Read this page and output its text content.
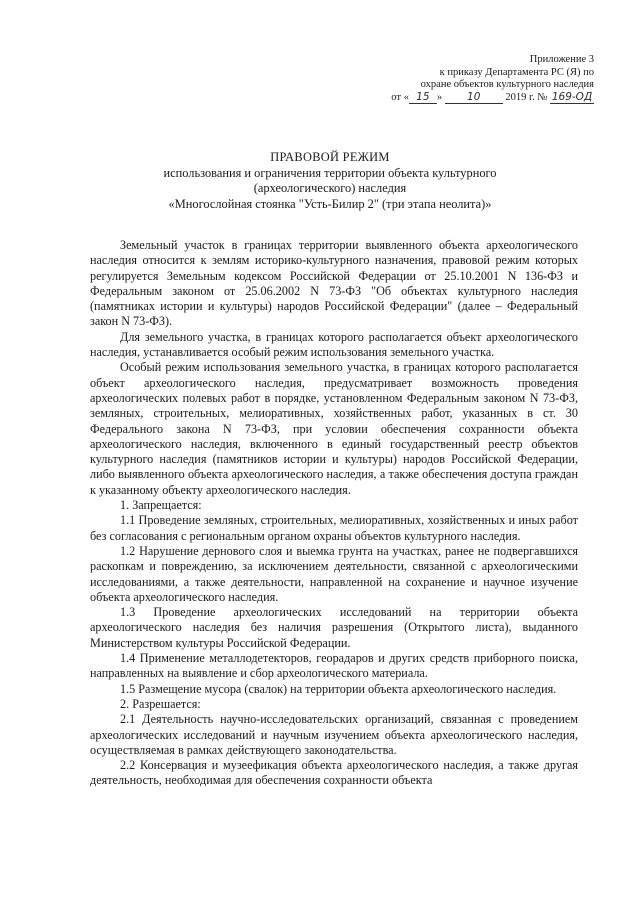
Приложение 3
к приказу Департамента РС (Я) по
охране объектов культурного наследия
от « 15 » 10 2019 г. № 169-ОД
ПРАВОВОЙ РЕЖИМ
использования и ограничения территории объекта культурного
(археологического) наследия
«Многослойная стоянка "Усть-Билир 2" (три этапа неолита)»

Земельный участок в границах территории выявленного объекта археологического наследия относится к землям историко-культурного назначения, правовой режим которых регулируется Земельным кодексом Российской Федерации от 25.10.2001 N 136-ФЗ и Федеральным законом от 25.06.2002 N 73-ФЗ "Об объектах культурного наследия (памятниках истории и культуры) народов Российской Федерации" (далее – Федеральный закон N 73-ФЗ).

Для земельного участка, в границах которого располагается объект археологического наследия, устанавливается особый режим использования земельного участка.

Особый режим использования земельного участка, в границах которого располагается объект археологического наследия, предусматривает возможность проведения археологических полевых работ в порядке, установленном Федеральным законом N 73-ФЗ, земляных, строительных, мелиоративных, хозяйственных работ, указанных в ст. 30 Федерального закона N 73-ФЗ, при условии обеспечения сохранности объекта археологического наследия, включенного в единый государственный реестр объектов культурного наследия (памятников истории и культуры) народов Российской Федерации, либо выявленного объекта археологического наследия, а также обеспечения доступа граждан к указанному объекту археологического наследия.

1. Запрещается:

1.1 Проведение земляных, строительных, мелиоративных, хозяйственных и иных работ без согласования с региональным органом охраны объектов культурного наследия.

1.2 Нарушение дернового слоя и выемка грунта на участках, ранее не подвергавшихся раскопкам и повреждению, за исключением деятельности, связанной с археологическими исследованиями, а также деятельности, направленной на сохранение и научное изучение объекта археологического наследия.

1.3 Проведение археологических исследований на территории объекта археологического наследия без наличия разрешения (Открытого листа), выданного Министерством культуры Российской Федерации.

1.4 Применение металлодетекторов, георадаров и других средств приборного поиска, направленных на выявление и сбор археологического материала.

1.5 Размещение мусора (свалок) на территории объекта археологического наследия.

2. Разрешается:

2.1 Деятельность научно-исследовательских организаций, связанная с проведением археологических исследований и научным изучением объекта археологического наследия, осуществляемая в рамках действующего законодательства.

2.2 Консервация и музеефикация объекта археологического наследия, а также другая деятельность, необходимая для обеспечения сохранности объекта
